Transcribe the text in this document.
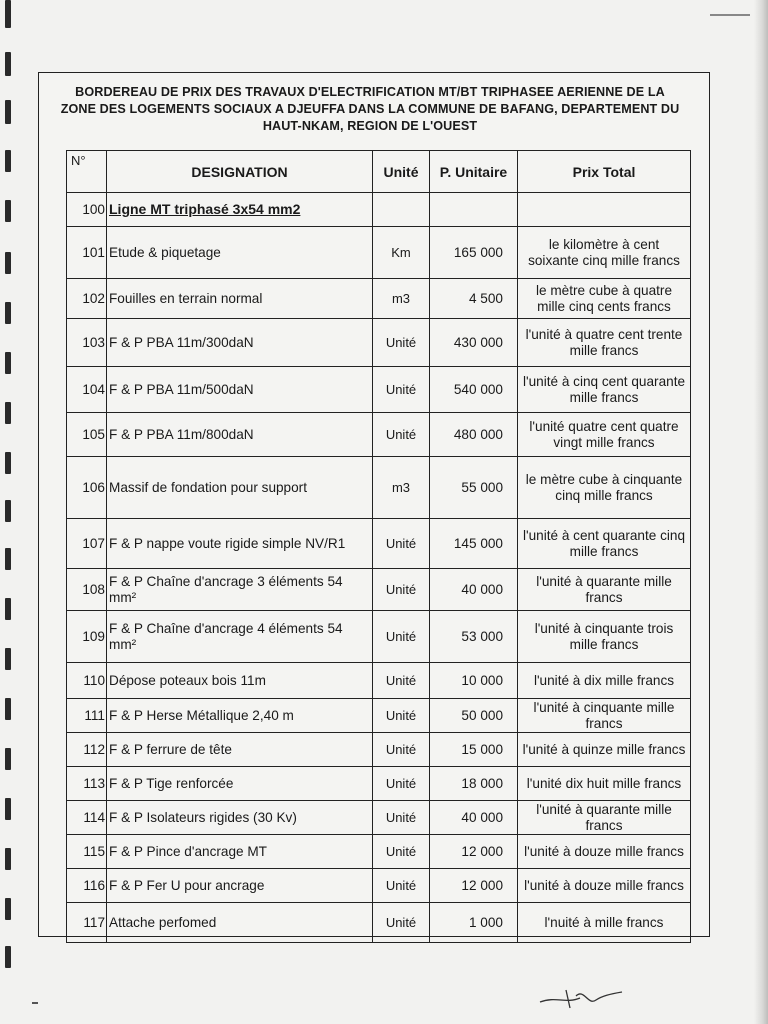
BORDEREAU DE PRIX DES TRAVAUX D'ELECTRIFICATION MT/BT TRIPHASEE AERIENNE DE LA
ZONE DES LOGEMENTS SOCIAUX A DJEUFFA DANS LA COMMUNE DE BAFANG, DEPARTEMENT DU
HAUT-NKAM, REGION DE L'OUEST
N°	DESIGNATION	Unité	P. Unitaire	Prix Total
100	Ligne MT triphasé 3x54 mm2			
101	Etude & piquetage	Km	165 000	le kilomètre à cent soixante cinq mille francs
102	Fouilles en terrain normal	m3	4 500	le mètre cube à quatre mille cinq cents francs
103	F & P PBA 11m/300daN	Unité	430 000	l'unité à quatre cent trente mille francs
104	F & P PBA 11m/500daN	Unité	540 000	l'unité à cinq cent quarante mille francs
105	F & P PBA 11m/800daN	Unité	480 000	l'unité quatre cent quatre vingt mille francs
106	Massif de fondation pour support	m3	55 000	le mètre cube à cinquante cinq mille francs
107	F & P nappe voute rigide simple NV/R1	Unité	145 000	l'unité à cent quarante cinq mille francs
108	F & P Chaîne d'ancrage 3 éléments 54 mm²	Unité	40 000	l'unité à quarante mille francs
109	F & P Chaîne d'ancrage 4 éléments 54 mm²	Unité	53 000	l'unité à cinquante trois mille francs
110	Dépose poteaux bois 11m	Unité	10 000	l'unité à dix mille francs
111	F & P Herse Métallique 2,40 m	Unité	50 000	l'unité à cinquante mille francs
112	F & P ferrure de tête	Unité	15 000	l'unité à quinze mille francs
113	F & P Tige renforcée	Unité	18 000	l'unité dix huit mille francs
114	F & P Isolateurs rigides (30 Kv)	Unité	40 000	l'unité à quarante mille francs
115	F & P Pince d'ancrage MT	Unité	12 000	l'unité à douze mille francs
116	F & P Fer U pour ancrage	Unité	12 000	l'unité à douze mille francs
117	Attache perfomed	Unité	1 000	l'nuité à mille francs
